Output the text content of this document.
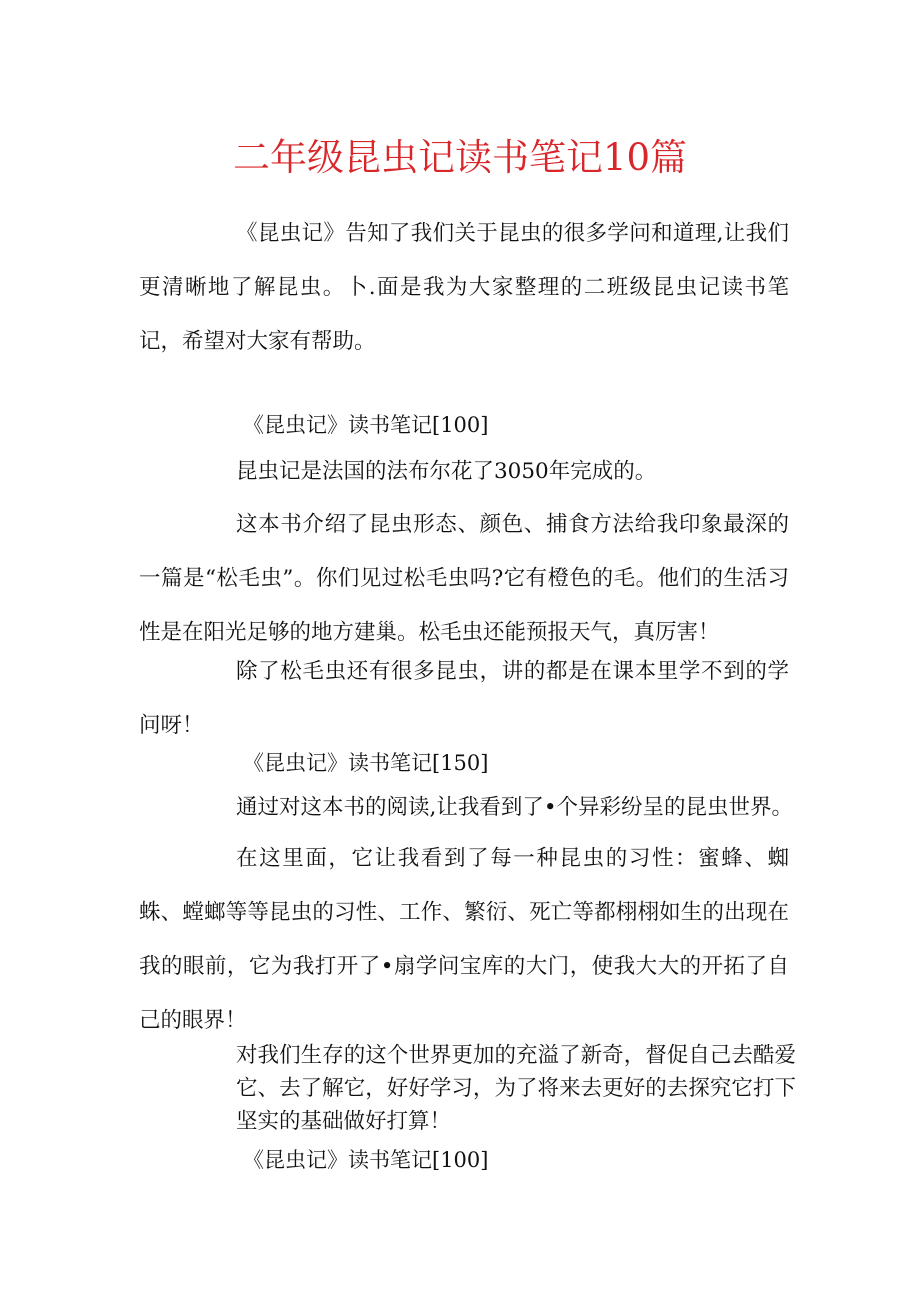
二年级昆虫记读书笔记10篇

《昆虫记》告知了我们关于昆虫的很多学问和道理,让我们更清晰地了解昆虫。卜.面是我为大家整理的二班级昆虫记读书笔记，希望对大家有帮助。

《昆虫记》读书笔记[100]

昆虫记是法国的法布尔花了3050年完成的。

这本书介绍了昆虫形态、颜色、捕食方法给我印象最深的一篇是“松毛虫”。你们见过松毛虫吗?它有橙色的毛。他们的生活习性是在阳光足够的地方建巢。松毛虫还能预报天气，真厉害！

除了松毛虫还有很多昆虫，讲的都是在课本里学不到的学问呀！

《昆虫记》读书笔记[150]

通过对这本书的阅读,让我看到了•个异彩纷呈的昆虫世界。

在这里面，它让我看到了每一种昆虫的习性：蜜蜂、蜘蛛、螳螂等等昆虫的习性、工作、繁衍、死亡等都栩栩如生的出现在我的眼前，它为我打开了•扇学问宝库的大门，使我大大的开拓了自己的眼界！

对我们生存的这个世界更加的充溢了新奇，督促自己去酷爱它、去了解它，好好学习，为了将来去更好的去探究它打下坚实的基础做好打算！

《昆虫记》读书笔记[100]
